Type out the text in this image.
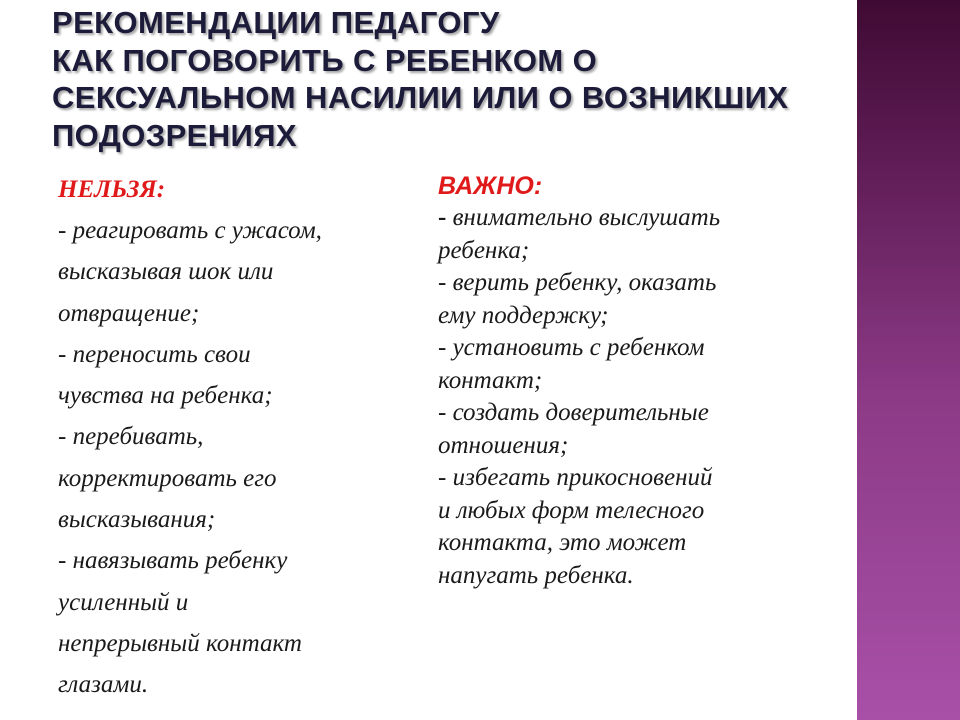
РЕКОМЕНДАЦИИ ПЕДАГОГУ
КАК ПОГОВОРИТЬ С РЕБЕНКОМ О
СЕКСУАЛЬНОМ НАСИЛИИ ИЛИ О ВОЗНИКШИХ
ПОДОЗРЕНИЯХ
НЕЛЬЗЯ:
- реагировать с ужасом,
высказывая шок или
отвращение;
- переносить свои
чувства на ребенка;
- перебивать,
корректировать его
высказывания;
- навязывать ребенку
усиленный и
непрерывный контакт
глазами.
ВАЖНО:
- внимательно выслушать
ребенка;
- верить ребенку, оказать
ему поддержку;
- установить с ребенком
контакт;
- создать доверительные
отношения;
- избегать прикосновений
и любых форм телесного
контакта, это может
напугать ребенка.
